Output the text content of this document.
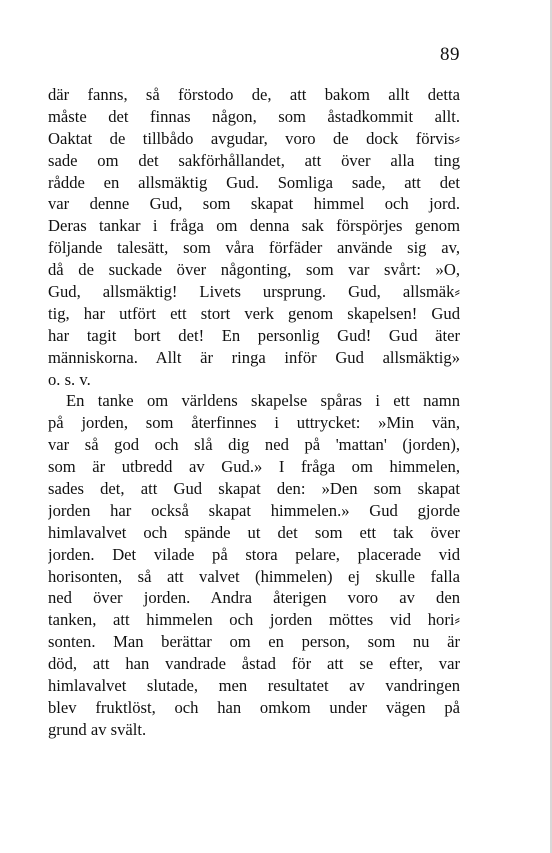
89
där fanns, så förstodo de, att bakom allt detta
måste det finnas någon, som åstadkommit allt.
Oaktat de tillbådo avgudar, voro de dock förvis⸗
sade om det sakförhållandet, att över alla ting
rådde en allsmäktig Gud. Somliga sade, att det
var denne Gud, som skapat himmel och jord.
Deras tankar i fråga om denna sak förspörjes genom
följande talesätt, som våra förfäder använde sig av,
då de suckade över någonting, som var svårt: »O,
Gud, allsmäktig! Livets ursprung. Gud, allsmäk⸗
tig, har utfört ett stort verk genom skapelsen! Gud
har tagit bort det! En personlig Gud! Gud äter
människorna. Allt är ringa inför Gud allsmäktig»
o. s. v.
En tanke om världens skapelse spåras i ett namn
på jorden, som återfinnes i uttrycket: »Min vän,
var så god och slå dig ned på 'mattan' (jorden),
som är utbredd av Gud.» I fråga om himmelen,
sades det, att Gud skapat den: »Den som skapat
jorden har också skapat himmelen.» Gud gjorde
himlavalvet och spände ut det som ett tak över
jorden. Det vilade på stora pelare, placerade vid
horisonten, så att valvet (himmelen) ej skulle falla
ned över jorden. Andra återigen voro av den
tanken, att himmelen och jorden möttes vid hori⸗
sonten. Man berättar om en person, som nu är
död, att han vandrade åstad för att se efter, var
himlavalvet slutade, men resultatet av vandringen
blev fruktlöst, och han omkom under vägen på
grund av svält.
